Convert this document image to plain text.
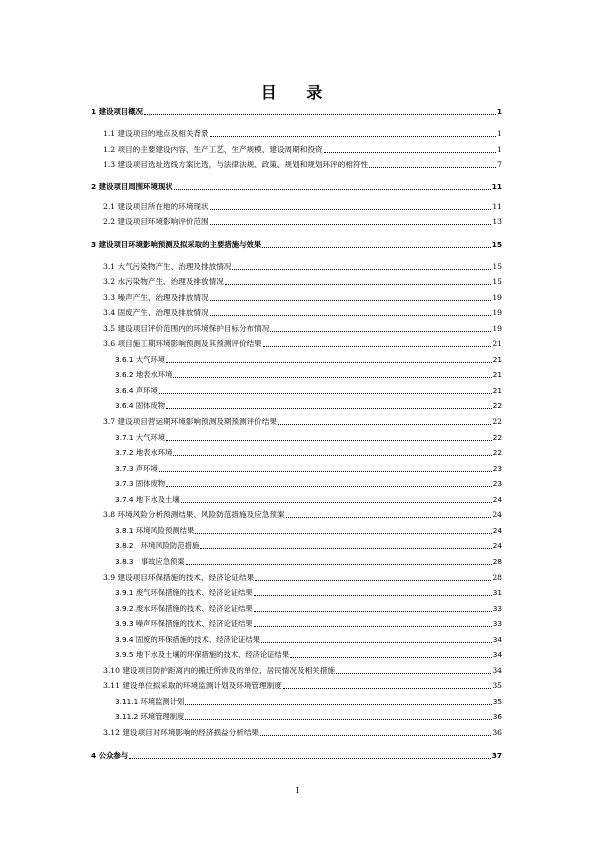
目 录
1 建设项目概况	1
1.1 建设项目的地点及相关背景	1
1.2 项目的主要建设内容、生产工艺、生产规模、建设周期和投资	1
1.3 建设项目选址选线方案比选，与法律法规、政策、规划和规划环评的相符性	7
2 建设项目周围环境现状	11
2.1 建设项目所在地的环境现状	11
2.2 建设项目环境影响评价范围	13
3 建设项目环境影响预测及拟采取的主要措施与效果	15
3.1 大气污染物产生、治理及排放情况	15
3.2 水污染物产生、治理及排放情况	15
3.3 噪声产生、治理及排放情况	19
3.4 固废产生、治理及排放情况	19
3.5 建设项目评价范围内的环境保护目标分布情况	19
3.6 项目施工期环境影响预测及其预测评价结果	21
3.6.1 大气环境	21
3.6.2 地表水环境	21
3.6.4 声环境	21
3.6.4 固体废物	22
3.7 建设项目营运期环境影响预测及期预测评价结果	22
3.7.1 大气环境	22
3.7.2 地表水环境	22
3.7.3 声环境	23
3.7.3 固体废物	23
3.7.4 地下水及土壤	24
3.8 环境风险分析预测结果、风险防范措施及应急预案	24
3.8.1 环境风险预测结果	24
3.8.2　环境风险防范措施	24
3.8.3　事故应急预案	28
3.9 建设项目环保措施的技术、经济论证结果	28
3.9.1 废气环保措施的技术、经济论证结果	31
3.9.2 废水环保措施的技术、经济论证结果	33
3.9.3 噪声环保措施的技术、经济论证结果	33
3.9.4 固废的环保措施的技术、经济论证结果	34
3.9.5 地下水及土壤的环保措施的技术、经济论证结果	34
3.10 建设项目防护距离内的搬迁所涉及的单位、居民情况及相关措施	34
3.11 建设单位拟采取的环境监测计划及环境管理制度	35
3.11.1 环境监测计划	35
3.11.2 环境管理制度	36
3.12 建设项目对环境影响的经济损益分析结果	36
4 公众参与	37
I
